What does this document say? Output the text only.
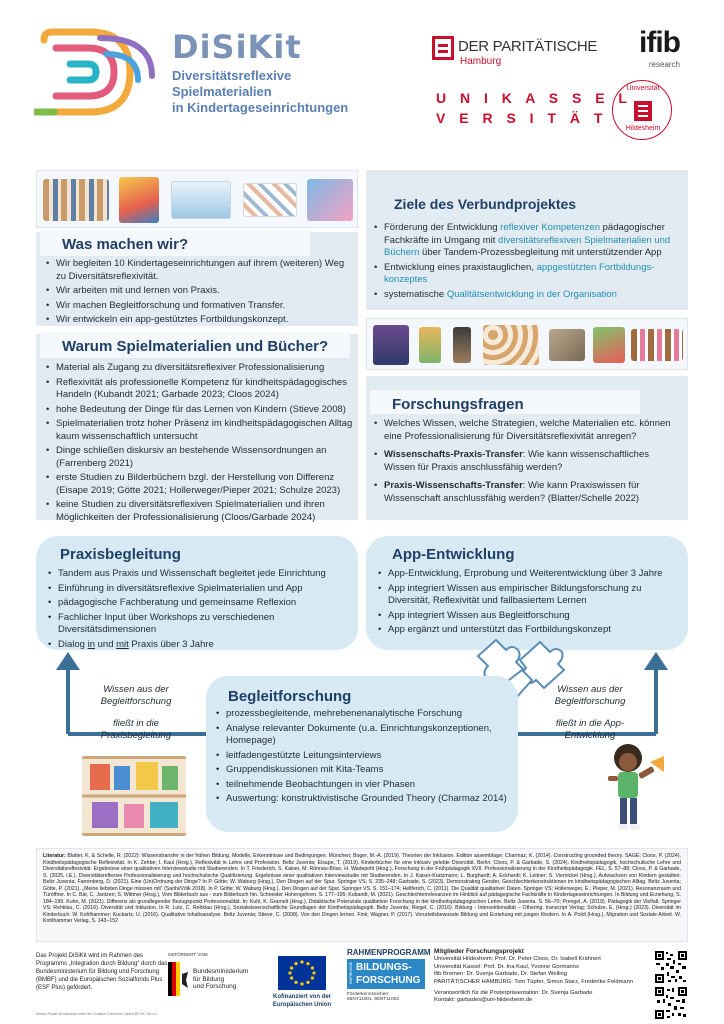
DiSiKit
Diversitätsreflexive
Spielmaterialien
in Kindertageseinrichtungen
DER PARITÄTISCHE
Hamburg
ifib
research
U N I K A S S E L
V E R S I T Ä T
Universität
Hildesheim
Was machen wir?
• Wir begleiten 10 Kindertageseinrichtungen auf ihrem (weiteren) Weg zu Diversitätsreflexivität.
• Wir arbeiten mit und lernen von Praxis.
• Wir machen Begleitforschung und formativen Transfer.
• Wir entwickeln ein app-gestütztes Fortbildungskonzept.
Ziele des Verbundprojektes
• Förderung der Entwicklung reflexiver Kompetenzen pädagogischer Fachkräfte im Umgang mit diversitätsreflexiven Spielmaterialien und Büchern über Tandem-Prozessbegleitung mit unterstützender App
• Entwicklung eines praxistauglichen, appgestützten Fortbildungs-konzeptes
• systematische Qualitätsentwicklung in der Organisation
Warum Spielmaterialien und Bücher?
• Material als Zugang zu diversitätsreflexiver Professionalisierung
• Reflexivität als professionelle Kompetenz für kindheitspädagogisches Handeln (Kubandt 2021; Garbade 2023; Cloos 2024)
• hohe Bedeutung der Dinge für das Lernen von Kindern (Stieve 2008)
• Spielmaterialien trotz hoher Präsenz im kindheitspädagogischen Alltag kaum wissenschaftlich untersucht
• Dinge schließen diskursiv an bestehende Wissensordnungen an (Farrenberg 2021)
• erste Studien zu Bilderbüchern bzgl. der Herstellung von Differenz (Eisape 2019; Götte 2021; Hollerweger/Pieper 2021; Schulze 2023)
• keine Studien zu diversitätsreflexiven Spielmaterialien und ihren Möglichkeiten der Professionalisierung (Cloos/Garbade 2024)
Forschungsfragen
• Welches Wissen, welche Strategien, welche Materialien etc. können eine Professionalisierung für Diversitätsreflexivität anregen?
• Wissenschafts-Praxis-Transfer: Wie kann wissenschaftliches Wissen für Praxis anschlussfähig werden?
• Praxis-Wissenschafts-Transfer: Wie kann Praxiswissen für Wissenschaft anschlussfähig werden? (Blatter/Schelle 2022)
Praxisbegleitung
• Tandem aus Praxis und Wissenschaft begleitet jede Einrichtung
• Einführung in diversitätsreflexive Spielmaterialien und App
• pädagogische Fachberatung und gemeinsame Reflexion
• Fachlicher Input über Workshops zu verschiedenen Diversitätsdimensionen
• Dialog in und mit Praxis über 3 Jahre
App-Entwicklung
• App-Entwicklung, Erprobung und Weiterentwicklung über 3 Jahre
• App integriert Wissen aus empirischer Bildungsforschung zu Diversität, Reflexivität und fallbasiertem Lernen
• App integriert Wissen aus Begleitforschung
• App ergänzt und unterstützt das Fortbildungskonzept
Begleitforschung
• prozessbegleitende, mehrebenenanalytische Forschung
• Analyse relevanter Dokumente (u.a. Einrichtungskonzeptionen, Homepage)
• leitfadengestützte Leitungsinterviews
• Gruppendiskussionen mit Kita-Teams
• teilnehmende Beobachtungen in vier Phasen
• Auswertung: konstruktivistische Grounded Theory (Charmaz 2014)
Wissen aus der Begleitforschung
fließt in die Praxisbegleitung
Wissen aus der Begleitforschung
fließt in die App-Entwicklung
Literatur: Blatter, K. & Schelle, R. (2022): Wissenstransfer in der frühen Bildung. Modelle, Erkenntnisse und Bedingungen. München; Boger, M.-A. (2019). Theorien der Inklusion. Edition assemblage; Charmaz, K. (2014). Constructing grounded theory. SAGE; Cloos, P. (2024). Kindheitspädagogische Reflexivität. In K. Zehbe; I. Kaul (Hrsg.), Reflexivität in Lehre und Profession. Beltz Juventa; Eisape, T. (2019). Kinderbücher für eine inklusiv gelebte Diversität. Berlin; Cloos, P. & Garbade, S. (2024). Kindheitspädagogik, hochschulische Lehre und Diversitätsreflexivität. Ergebnisse einer qualitativen Interviewstudie mit Studierenden. In T. Friederich, S. Kaiser, M. Rönnau-Böse, H. Wadepohl (Hrsg.), Forschung in der Frühpädagogik XVII. Professionalisierung in der Kindheitspädagogik. FEL, S. 57–88; Cloos, P. & Garbade, S. (2025, i.E.). Diversitätsreflexive Professionalisierung und hochschulische Qualifizierung. Ergebnisse einer qualitativen Interviewstudie mit Studierenden. In J. Kaiser-Kratzmann; L. Burghardt; A. Eckhardt; K. Leitner; S. Viernickel (Hrsg.), Aufwachsen von Kindern gestalten. Beltz Juventa; Farrenberg, D. (2021). Eine (Un)Ordnung der Dinge? In P. Götte; W. Waburg (Hrsg.), Den Dingen auf der Spur. Springer VS, S. 235–248; Garbade, S. (2023). Demonstrating Gender, Geschlechterkonstruktionen im kindheitspädagogischen Alltag. Beltz Juventa; Götte, P. (2021). „Meine liebsten Dinge müssen mit“ (Sarihi/Völk 2018). In P. Götte; W. Waburg (Hrsg.), Den Dingen auf der Spur. Springer VS. S. 151–174; Hellferich, C. (2011). Die Qualität qualitativer Daten. Springer VS; Hollerweger, E.; Pieper, M. (2021). Resonanzraum und Türöffner. In C. Bär, C. Jantzen; S. Wittmer (Hrsg.), Vom Bilderbuch aus - zum Bilderbuch hin. Schneider Hohengehren. S. 177–195; Kubandt, M. (2021). Geschlechterrelevanzen im Hinblick auf pädagogische Fachkräfte in Kindertageseinrichtungen. In Bildung und Erziehung, S. 184–199. Kuhn, M. (2021). Differenz als grundlegender Bezugspunkt Professionalität. In: Kuhl, K. Gramelt (Hrsg.), Didaktische Potenziale qualitativer Forschung in der kindheitspädagogischen Lehre. Beltz Juventa. S. 56–70; Prengel, A. (2019). Pädagogik der Vielfalt. Springer VS; Rehklau, C. (2016). Diversität und Inklusion. In R. Lutz, C. Rehklau (Hrsg.), Sozialwissenschaftliche Grundlagen der Kindheitspädagogik. Beltz Juventa; Riegel, C. (2016). Bildung - Intersektionalität – Othering. transcript Verlag; Schulze, E. (Hrsg.) (2023). Diversität im Kinderbuch. W. Kohlhammer; Kuckartz, U. (2016). Qualitative Inhaltsanalyse. Beltz Juventa; Stieve, C. (2008). Von den Dingen lernen. Fink; Wagner, P. (2017). Vorurteilsbewusste Bildung und Erziehung mit jungen Kindern. In A. Poldi (Hrsg.), Migration und Soziale Arbeit. W. Kohlhammer Verlag, S. 143–152
Das Projekt DiSiKit wird im Rahmen des Programms „Integration durch Bildung“ durch das Bundesministerium für Bildung und Forschung (BMBF) und die Europäischen Sozialfonds Plus (ESF Plus) gefördert.
Dieses Poster ist lizenziert unter der Creative Commons Lizenz BY NC SA 4.0
GEFÖRDERT VOM
Bundesministerium
für Bildung
und Forschung
Kofinanziert von der
Europäischen Union
RAHMENPROGRAMM
EMPIRISCHE BILDUNGS-
FORSCHUNG
Förderkennzeichen:
66NT11001, 66NT11002
Mitglieder Forschungsprojekt
Universität Hildesheim: Prof. Dr. Peter Cloos, Dr. Isabell Krähnert
Universität Kassel: Prof. Dr. Ina Kaul, Yvonne Gormanns
ifib Bremen: Dr. Svenja Garbade, Dr. Stefan Welling
PARITÄTISCHER HAMBURG: Tom Tüpfer, Simon Starz, Frederike Feldmann
Verantwortlich für die Posterpräsentation: Dr. Svenja Garbade
Kontakt: garbades@uni-hildesheim.de
